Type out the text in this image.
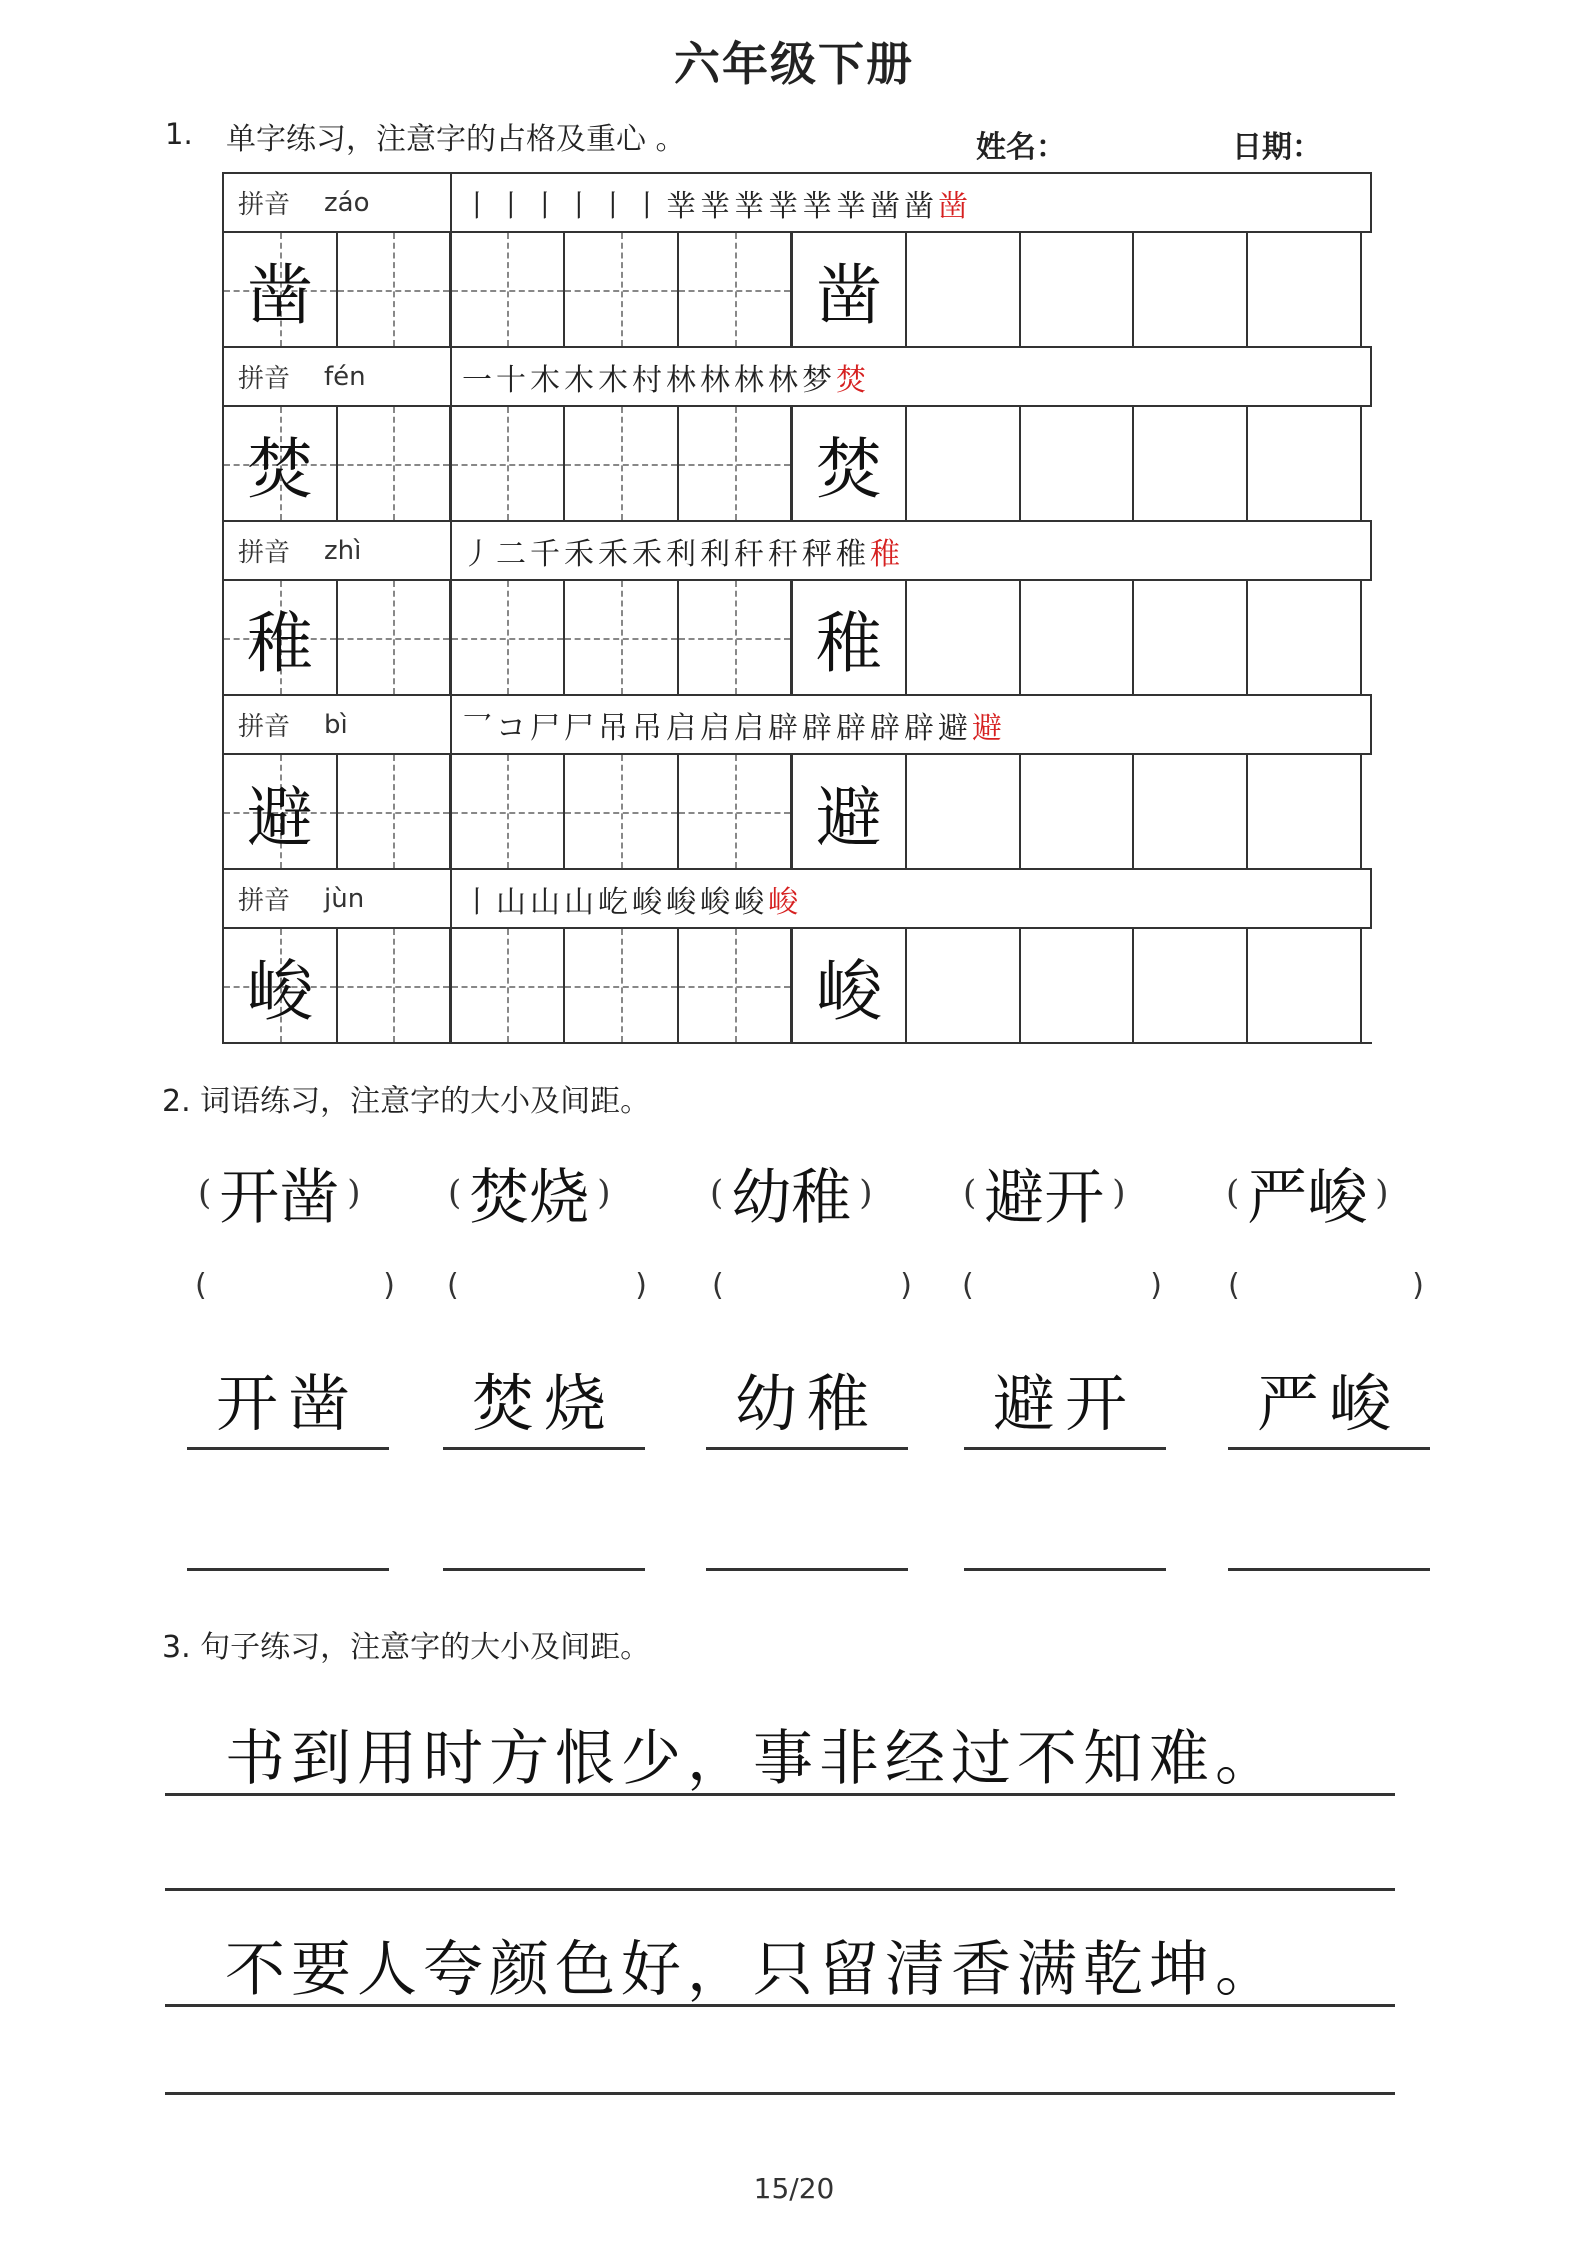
六年级下册
1. 单字练习，注意字的占格及重心 。	姓名：	日期：
拼音 záo	丨 丨丨 丨丨丨 丵 丵 丵 丵 丵 丵 凿 凿 凿
凿	凿
拼音 fén	一 十 木 木 木 村 林 林 林 林 梦 焚
焚	焚
拼音 zhì	丿 二 千 禾 禾 禾 利 利 秆 秆 秤 稚 稚
稚	稚
拼音 bì	乛 コ 尸 尸 吊 吊 启 启 启 辟 辟 辟 辟 辟 避 避
避	避
拼音 jùn	丨 山 山 山 屹 峻 峻 峻 峻 峻
峻	峻
2. 词语练习，注意字的大小及间距。
( 开凿 )	( 焚烧 )	( 幼稚 )	( 避开 )	( 严峻 )
(	) (	) (	) (	) (	)
开凿	焚烧	幼稚	避开	严峻
3. 句子练习，注意字的大小及间距。
书到用时方恨少，事非经过不知难。
不要人夸颜色好，只留清香满乾坤。
15/20
